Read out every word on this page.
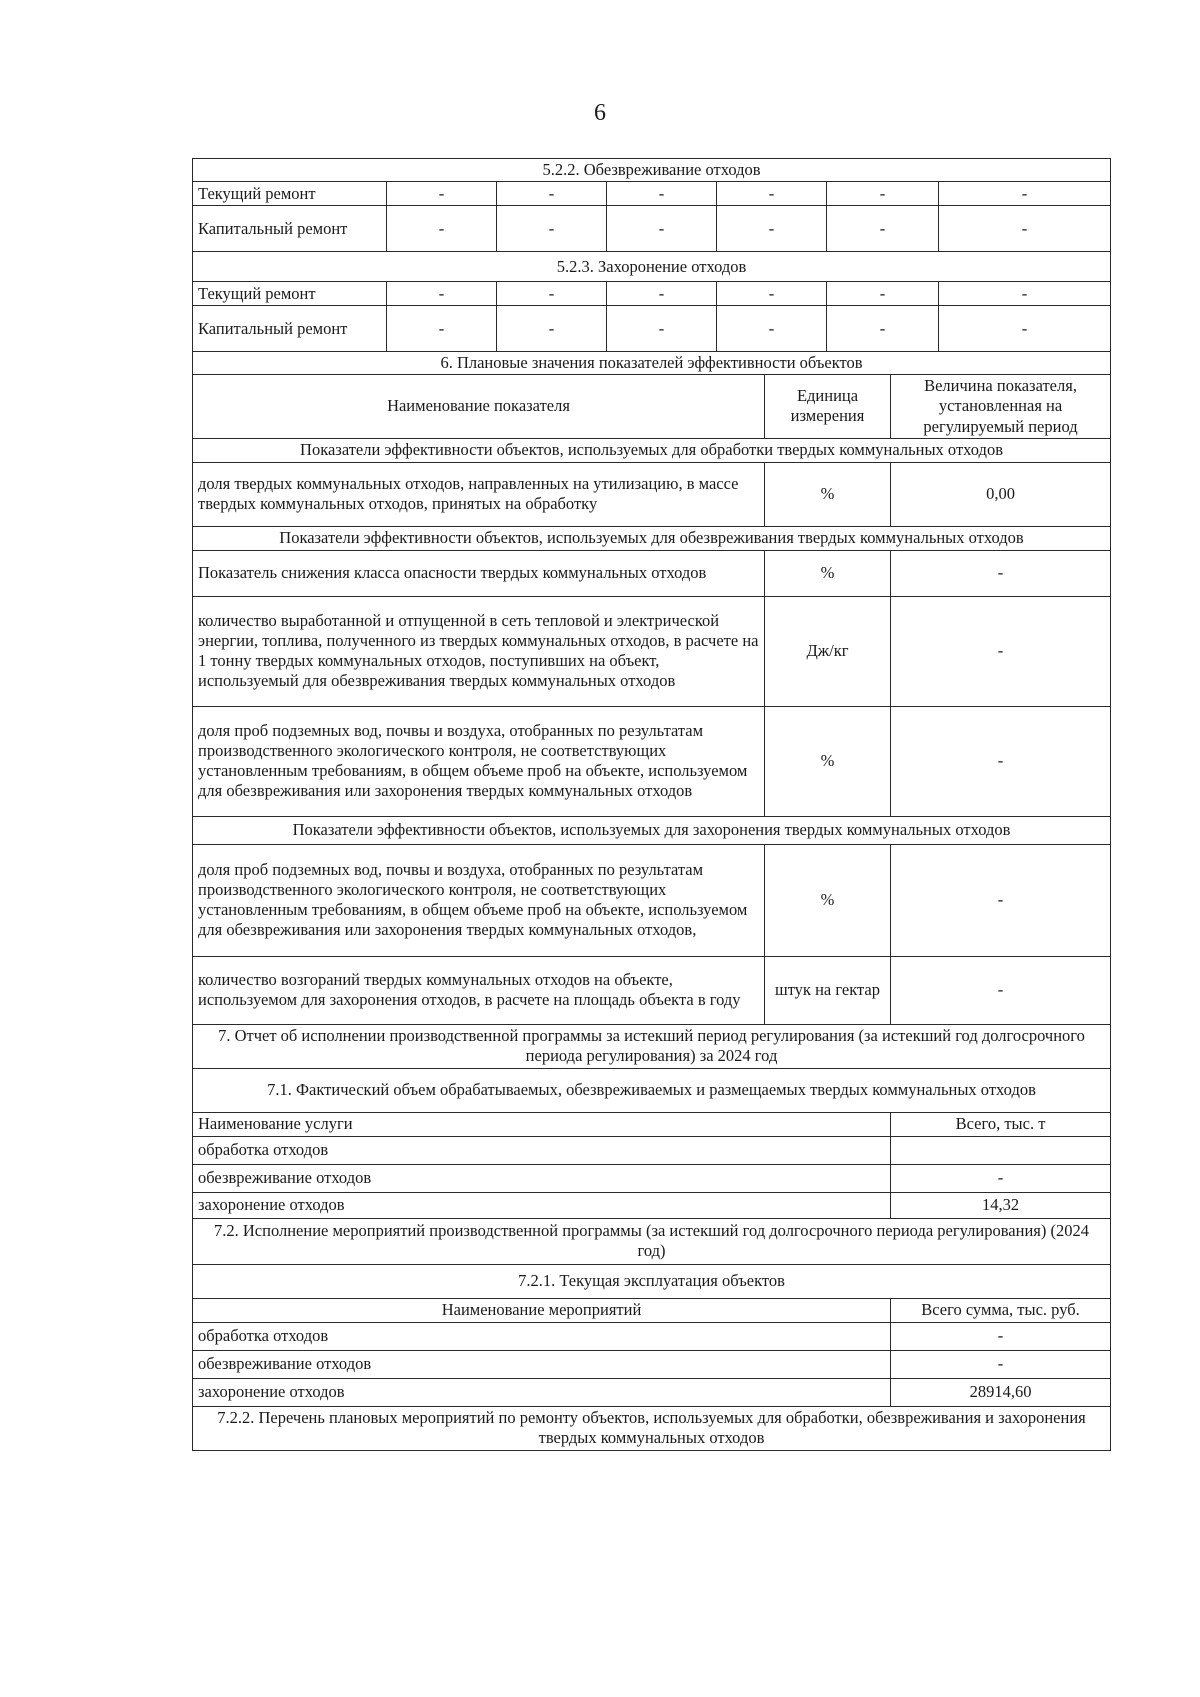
6
5.2.2. Обезвреживание отходов						
Текущий ремонт	-	-	-	-	-	-
Капитальный ремонт	-	-	-	-	-	-
5.2.3. Захоронение отходов						
Текущий ремонт	-	-	-	-	-	-
Капитальный ремонт	-	-	-	-	-	-
6. Плановые значения показателей эффективности объектов		
Наименование показателя	Единица измерения	Величина показателя, установленная на регулируемый период
Показатели эффективности объектов, используемых для обработки твердых коммунальных отходов		
доля твердых коммунальных отходов, направленных на утилизацию, в массе твердых коммунальных отходов, принятых на обработку	%	0,00
Показатели эффективности объектов, используемых для обезвреживания твердых коммунальных отходов		
Показатель снижения класса опасности твердых коммунальных отходов	%	-
количество выработанной и отпущенной в сеть тепловой и электрической энергии, топлива, полученного из твердых коммунальных отходов, в расчете на 1 тонну твердых коммунальных отходов, поступивших на объект, используемый для обезвреживания твердых коммунальных отходов	Дж/кг	-
доля проб подземных вод, почвы и воздуха, отобранных по результатам производственного экологического контроля, не соответствующих установленным требованиям, в общем объеме проб на объекте, используемом для обезвреживания или захоронения твердых коммунальных отходов	%	-
Показатели эффективности объектов, используемых для захоронения твердых коммунальных отходов		
доля проб подземных вод, почвы и воздуха, отобранных по результатам производственного экологического контроля, не соответствующих установленным требованиям, в общем объеме проб на объекте, используемом для обезвреживания или захоронения твердых коммунальных отходов,	%	-
количество возгораний твердых коммунальных отходов на объекте, используемом для захоронения отходов, в расчете на площадь объекта в году	штук на гектар	-
7. Отчет об исполнении производственной программы за истекший период регулирования (за истекший год долгосрочного периода регулирования) за 2024 год	
7.1. Фактический объем обрабатываемых, обезвреживаемых и размещаемых твердых коммунальных отходов	
Наименование услуги	Всего, тыс. т
обработка отходов	
обезвреживание отходов	-
захоронение отходов	14,32
7.2. Исполнение мероприятий производственной программы (за истекший год долгосрочного периода регулирования) (2024 год)	
7.2.1. Текущая эксплуатация объектов	
Наименование мероприятий	Всего сумма, тыс. руб.
обработка отходов	-
обезвреживание отходов	-
захоронение отходов	28914,60
7.2.2. Перечень плановых мероприятий по ремонту объектов, используемых для обработки, обезвреживания и захоронения твердых коммунальных отходов	
